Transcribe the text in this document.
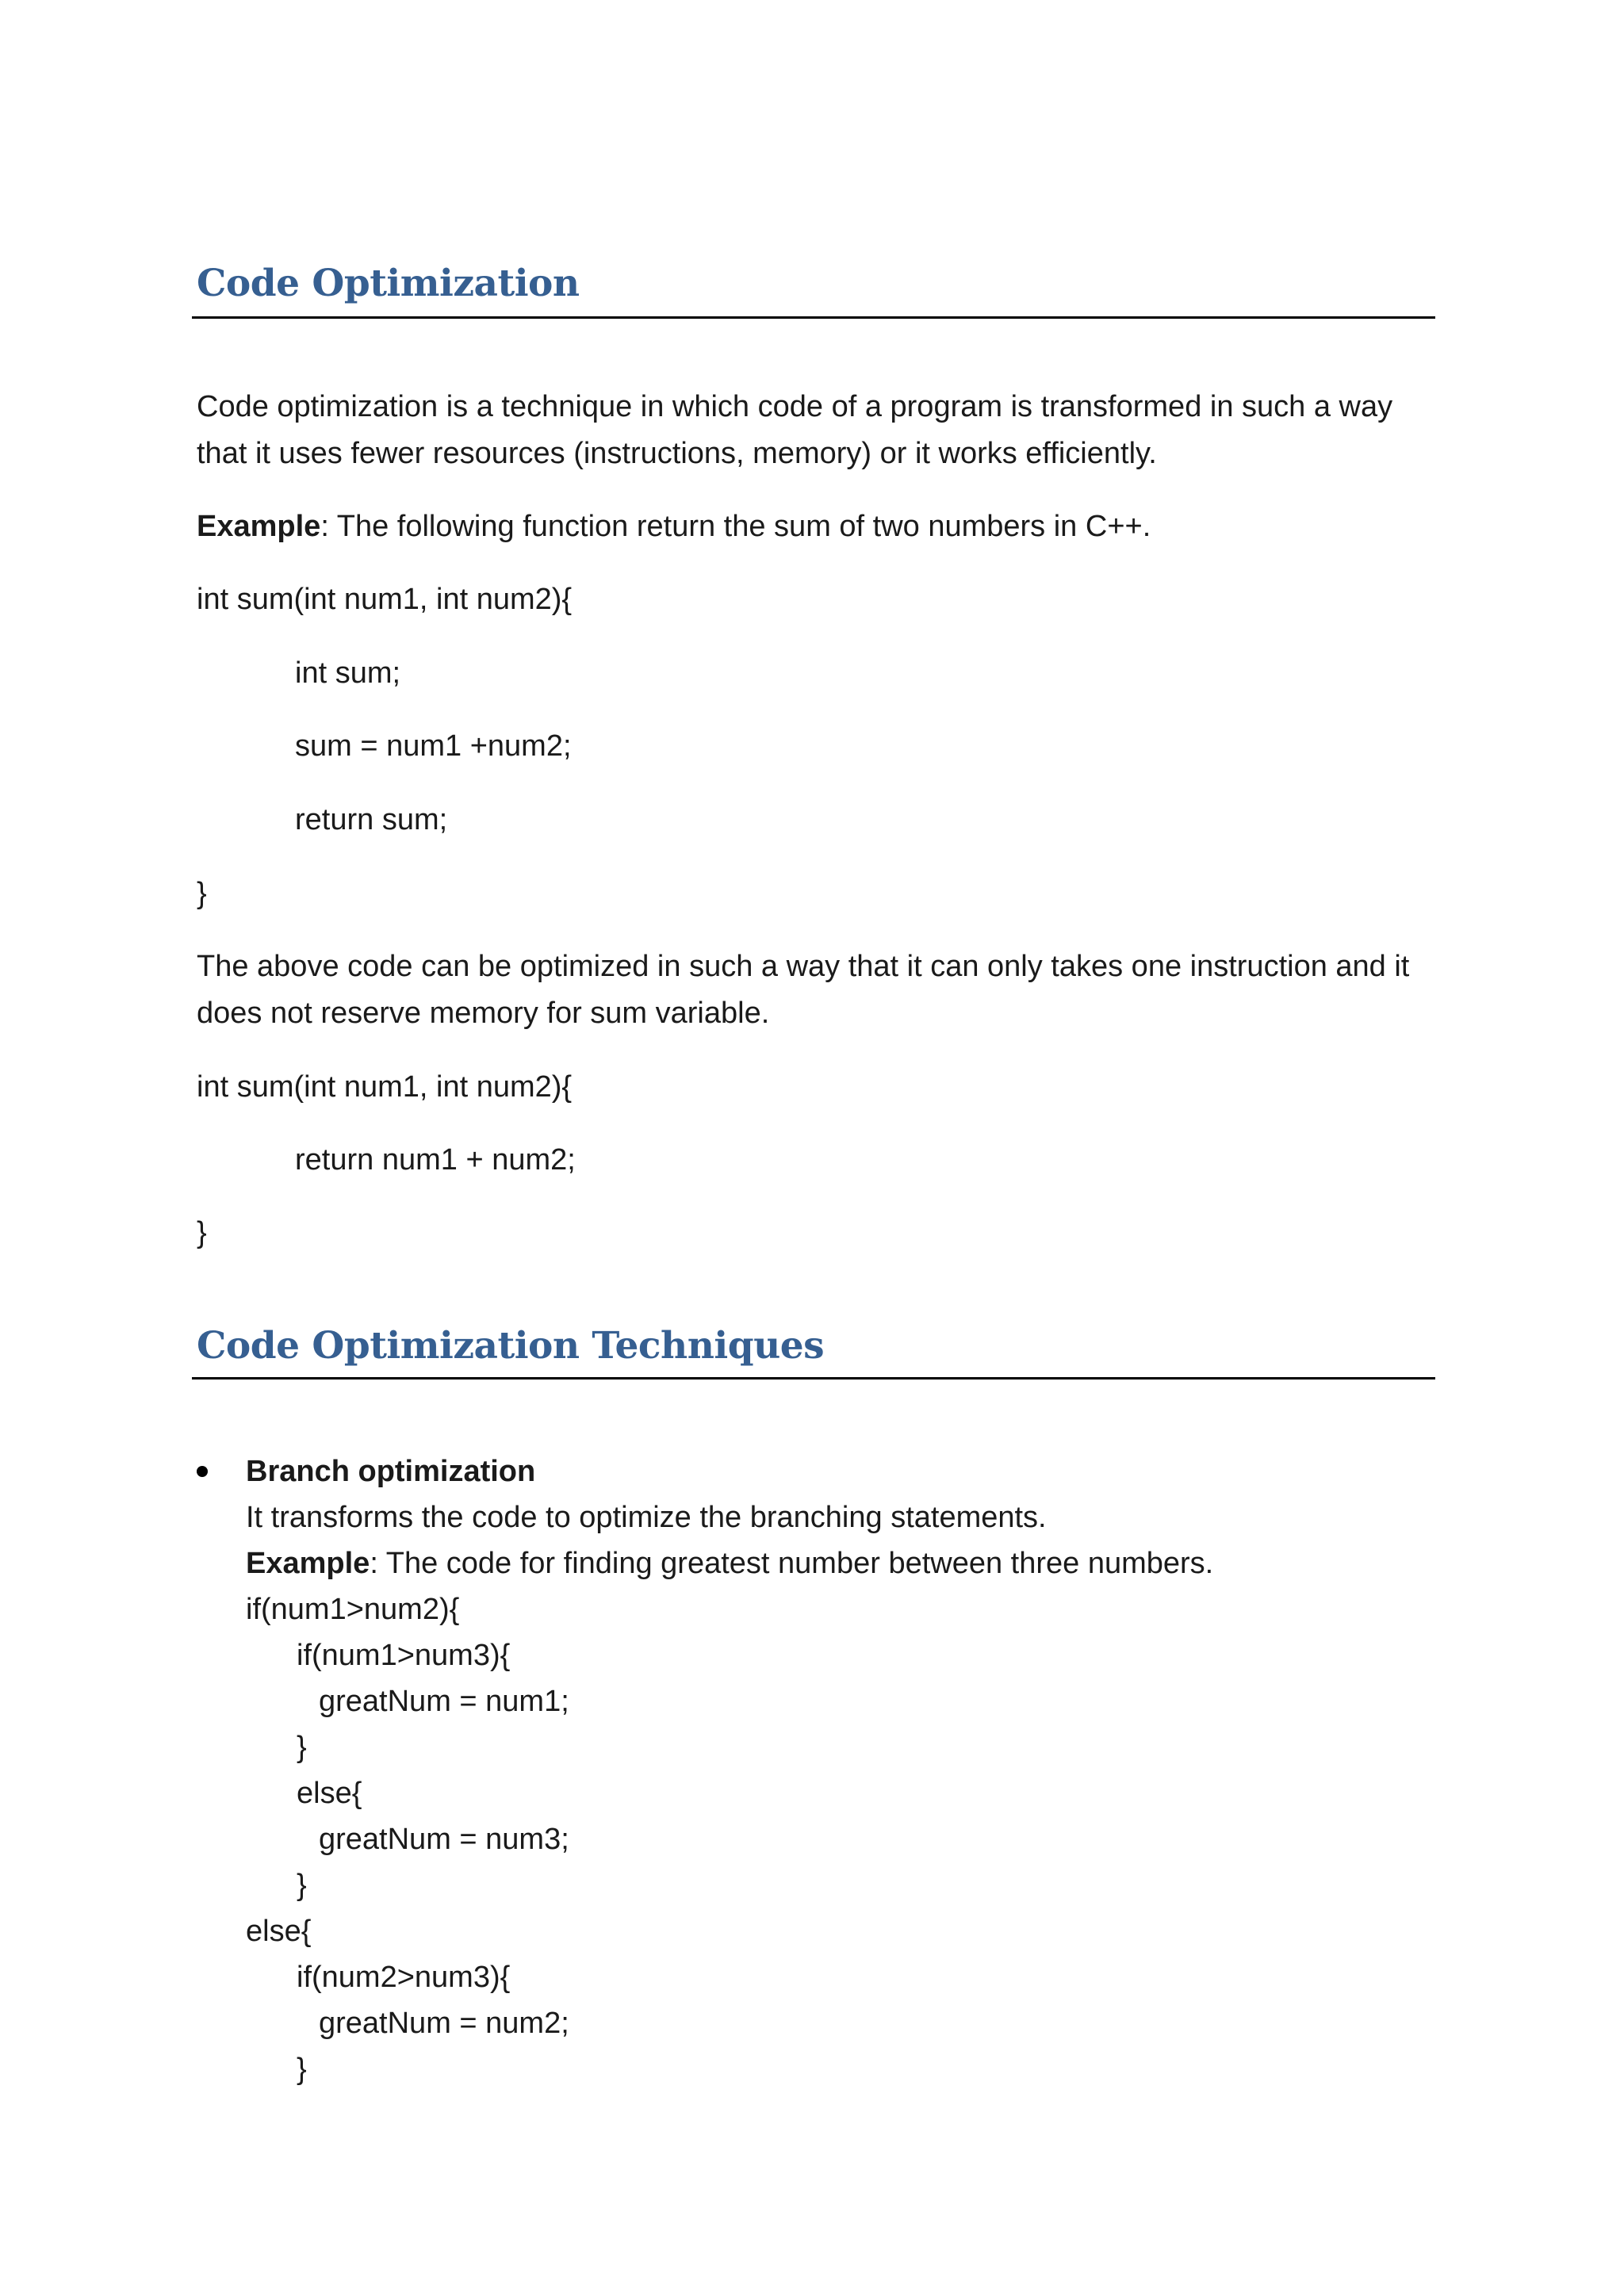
Code Optimization
Code optimization is a technique in which code of a program is transformed in such a way
that it uses fewer resources (instructions, memory) or it works efficiently.
Example: The following function return the sum of two numbers in C++.
int sum(int num1, int num2){
int sum;
sum = num1 +num2;
return sum;
}
The above code can be optimized in such a way that it can only takes one instruction and it
does not reserve memory for sum variable.
int sum(int num1, int num2){
return num1 + num2;
}
Code Optimization Techniques
Branch optimization
It transforms the code to optimize the branching statements.
Example: The code for finding greatest number between three numbers.
if(num1>num2){
if(num1>num3){
greatNum = num1;
}
else{
greatNum = num3;
}
else{
if(num2>num3){
greatNum = num2;
}
